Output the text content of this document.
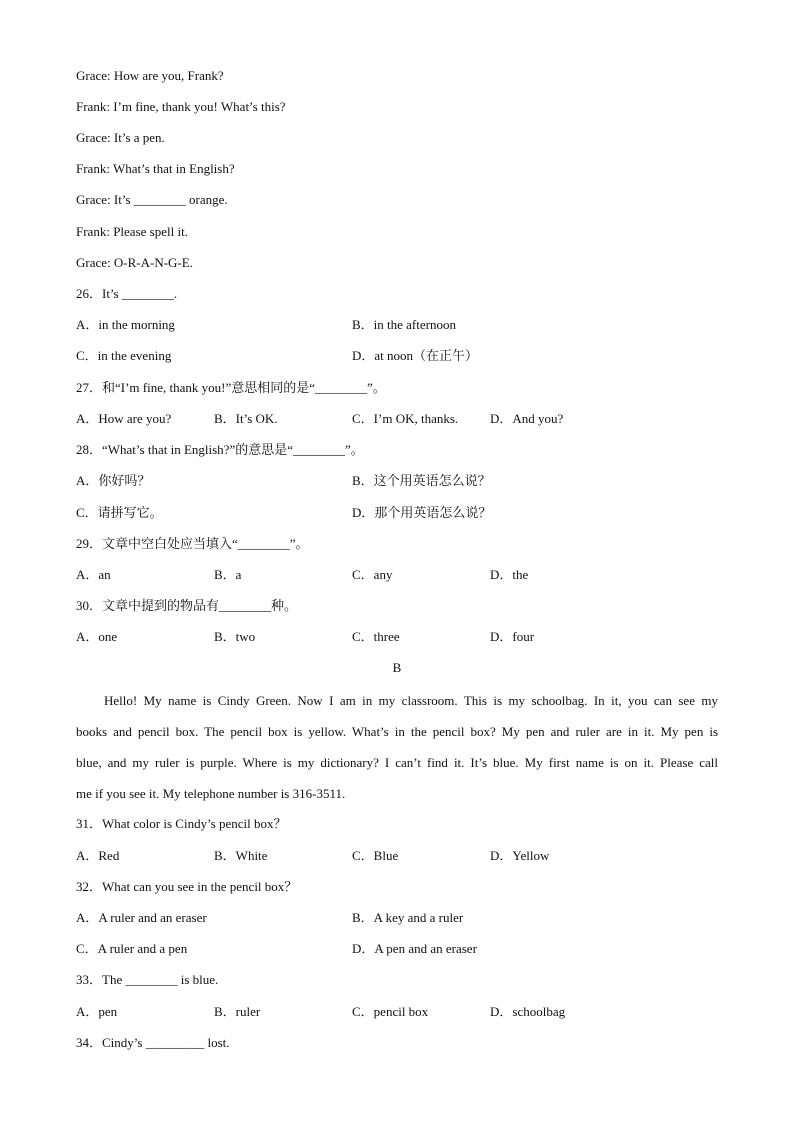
Grace: How are you, Frank?
Frank: I’m fine, thank you! What’s this?
Grace: It’s a pen.
Frank: What’s that in English?
Grace: It’s ________ orange.
Frank: Please spell it.
Grace: O-R-A-N-G-E.
26．It’s ________.
A．in the morning	B．in the afternoon
C．in the evening	D．at noon（在正午）
27．和“I’m fine, thank you!”意思相同的是“________”。
A．How are you?	B．It’s OK.	C．I’m OK, thanks. D．And you?
28．“What’s that in English?”的意思是“________”。
A．你好吗？	B．这个用英语怎么说？
C．请拼写它。	D．那个用英语怎么说？
29．文章中空白处应当填入“________”。
A．an	B．a	C．any	D．the
30．文章中提到的物品有________种。
A．one	B．two	C．three	D．four
B
Hello! My name is Cindy Green. Now I am in my classroom. This is my schoolbag. In it, you can see my
books and pencil box. The pencil box is yellow. What’s in the pencil box? My pen and ruler are in it. My pen is
blue, and my ruler is purple. Where is my dictionary? I can’t find it. It’s blue. My first name is on it. Please call
me if you see it. My telephone number is 316-3511.
31．What color is Cindy’s pencil box？
A．Red	B．White	C．Blue	D．Yellow
32．What can you see in the pencil box？
A．A ruler and an eraser	B．A key and a ruler
C．A ruler and a pen	D．A pen and an eraser
33．The ________ is blue.
A．pen	B．ruler	C．pencil box	D．schoolbag
34．Cindy’s _________ lost.
